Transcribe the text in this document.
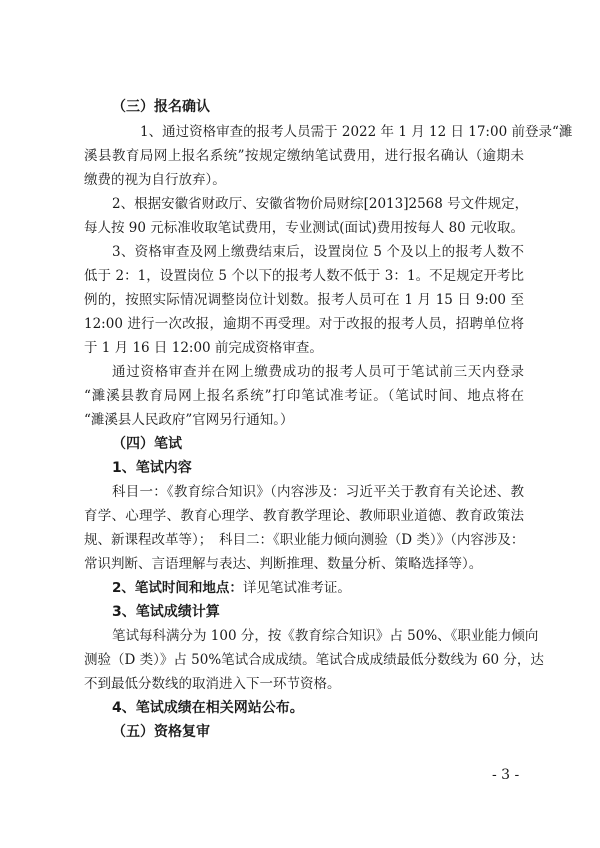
（三）报名确认
1、通过资格审查的报考人员需于 2022 年 1 月 12 日 17:00 前登录“濉
溪县教育局网上报名系统”按规定缴纳笔试费用，进行报名确认（逾期未
缴费的视为自行放弃）。
2、根据安徽省财政厅、安徽省物价局财综[2013]2568 号文件规定，
每人按 90 元标准收取笔试费用，专业测试(面试)费用按每人 80 元收取。
3、资格审查及网上缴费结束后，设置岗位 5 个及以上的报考人数不
低于 2：1，设置岗位 5 个以下的报考人数不低于 3：1。不足规定开考比
例的，按照实际情况调整岗位计划数。报考人员可在 1 月 15 日 9:00 至
12:00 进行一次改报，逾期不再受理。对于改报的报考人员，招聘单位将
于 1 月 16 日 12:00 前完成资格审查。
通过资格审查并在网上缴费成功的报考人员可于笔试前三天内登录
“濉溪县教育局网上报名系统”打印笔试准考证。（笔试时间、地点将在
“濉溪县人民政府”官网另行通知。）
（四）笔试
1、笔试内容
科目一：《教育综合知识》（内容涉及：习近平关于教育有关论述、教
育学、心理学、教育心理学、教育教学理论、教师职业道德、教育政策法
规、新课程改革等）；　科目二：《职业能力倾向测验（D 类）》（内容涉及：
常识判断、言语理解与表达、判断推理、数量分析、策略选择等）。
2、笔试时间和地点：详见笔试准考证。
3、笔试成绩计算
笔试每科满分为 100 分，按《教育综合知识》占 50%、《职业能力倾向
测验（D 类）》占 50%笔试合成成绩。笔试合成成绩最低分数线为 60 分，达
不到最低分数线的取消进入下一环节资格。
4、笔试成绩在相关网站公布。
（五）资格复审
- 3 -
